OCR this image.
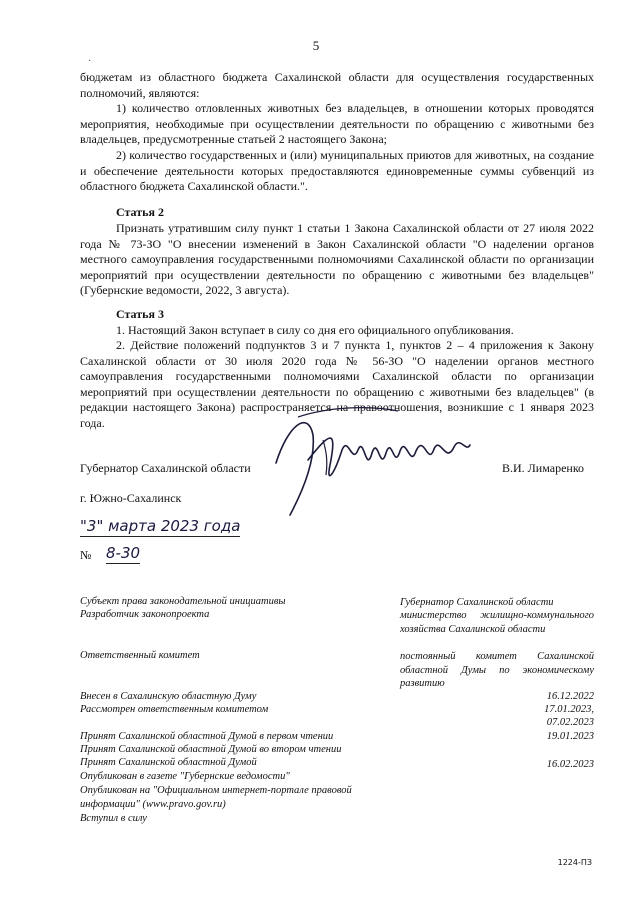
5
·

бюджетам из областного бюджета Сахалинской области для осуществления государственных полномочий, являются:

1) количество отловленных животных без владельцев, в отношении которых проводятся мероприятия, необходимые при осуществлении деятельности по обращению с животными без владельцев, предусмотренные статьей 2 настоящего Закона;

2) количество государственных и (или) муниципальных приютов для животных, на создание и обеспечение деятельности которых предоставляются единовременные суммы субвенций из областного бюджета Сахалинской области.".

Статья 2

Признать утратившим силу пункт 1 статьи 1 Закона Сахалинской области от 27 июля 2022 года № 73-ЗО "О внесении изменений в Закон Сахалинской области "О наделении органов местного самоуправления государственными полномочиями Сахалинской области по организации мероприятий при осуществлении деятельности по обращению с животными без владельцев" (Губернские ведомости, 2022, 3 августа).

Статья 3

1. Настоящий Закон вступает в силу со дня его официального опубликования.

2. Действие положений подпунктов 3 и 7 пункта 1, пунктов 2 – 4 приложения к Закону Сахалинской области от 30 июля 2020 года № 56-ЗО "О наделении органов местного самоуправления государственными полномочиями Сахалинской области по организации мероприятий при осуществлении деятельности по обращению с животными без владельцев" (в редакции настоящего Закона) распространяется на правоотношения, возникшие с 1 января 2023 года.

Губернатор Сахалинской области	В.И. Лимаренко
г. Южно-Сахалинск
"3" марта 2023 года
№ 8-30
Субъект права законодательной инициативы	Губернатор Сахалинской области
Разработчик законопроекта	министерство жилищно-коммунального хозяйства Сахалинской области
Ответственный комитет	постоянный комитет Сахалинской областной Думы по экономическому развитию
Внесен в Сахалинскую областную Думу	16.12.2022
Рассмотрен ответственным комитетом	17.01.2023,
07.02.2023
Принят Сахалинской областной Думой в первом чтении	19.01.2023
Принят Сахалинской областной Думой во втором чтении
Принят Сахалинской областной Думой	16.02.2023
Опубликован в газете "Губернские ведомости"
Опубликован на "Официальном интернет-портале правовой
информации" (www.pravo.gov.ru)
Вступил в силу
1224-ПЗ
